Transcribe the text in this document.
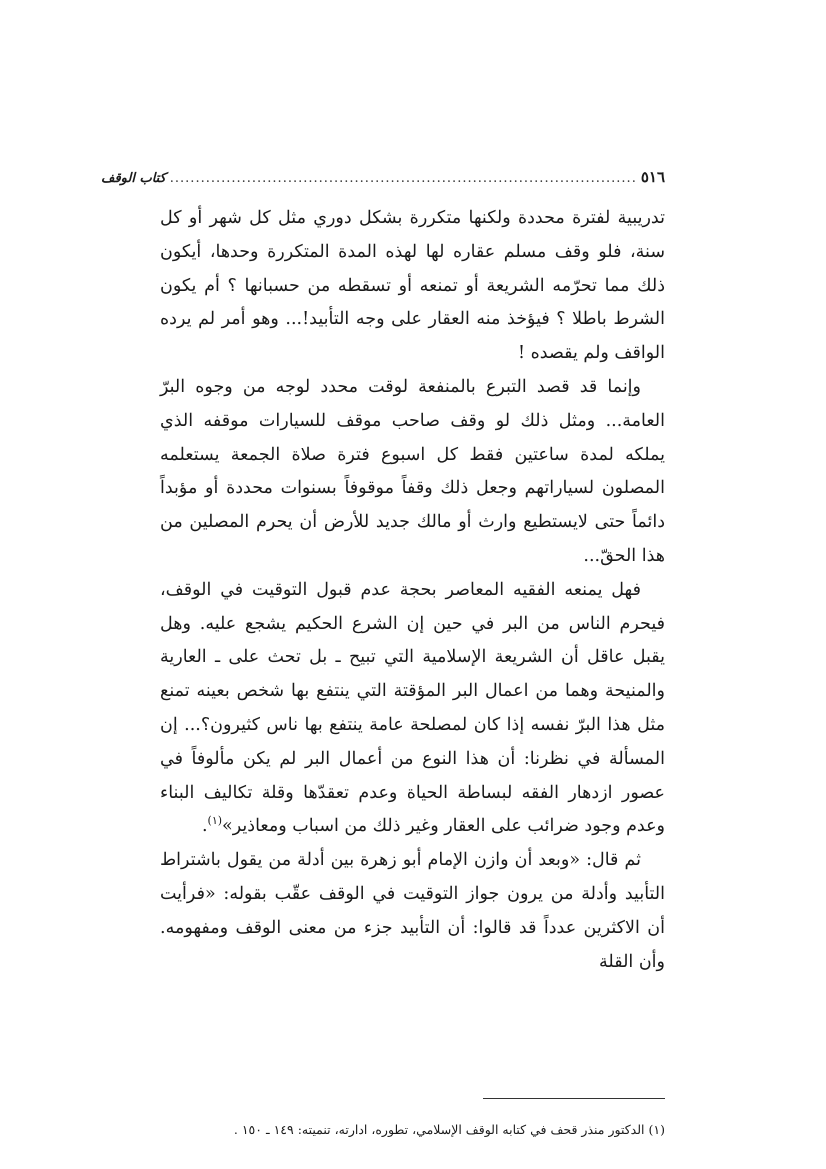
٥١٦
...........................................................................................
كتاب الوقف

تدريبية لفترة محددة ولكنها متكررة بشكل دوري مثل كل شهر أو كل سنة، فلو وقف مسلم عقاره لها لهذه المدة المتكررة وحدها، أيكون ذلك مما تحرّمه الشريعة أو تمنعه أو تسقطه من حسبانها ؟ أم يكون الشرط باطلا ؟ فيؤخذ منه العقار على وجه التأبيد!... وهو أمر لم يرده الواقف ولم يقصده !

وإنما قد قصد التبرع بالمنفعة لوقت محدد لوجه من وجوه البرّ العامة... ومثل ذلك لو وقف صاحب موقف للسيارات موقفه الذي يملكه لمدة ساعتين فقط كل اسبوع فترة صلاة الجمعة يستعلمه المصلون لسياراتهم وجعل ذلك وقفاً موقوفاً بسنوات محددة أو مؤبداً دائماً حتى لايستطيع وارث أو مالك جديد للأرض أن يحرم المصلين من هذا الحقّ...

فهل يمنعه الفقيه المعاصر بحجة عدم قبول التوقيت في الوقف، فيحرم الناس من البر في حين إن الشرع الحكيم يشجع عليه. وهل يقبل عاقل أن الشريعة الإسلامية التي تبيح ـ بل تحث على ـ العارية والمنيحة وهما من اعمال البر المؤقتة التي ينتفع بها شخص بعينه تمنع مثل هذا البرّ نفسه إذا كان لمصلحة عامة ينتفع بها ناس كثيرون؟... إن المسألة في نظرنا: أن هذا النوع من أعمال البر لم يكن مألوفاً في عصور ازدهار الفقه لبساطة الحياة وعدم تعقدّها وقلة تكاليف البناء وعدم وجود ضرائب على العقار وغير ذلك من اسباب ومعاذير»$^{(١)}$.

ثم قال: «وبعد أن وازن الإمام أبو زهرة بين أدلة من يقول باشتراط التأبيد وأدلة من يرون جواز التوقيت في الوقف عقّب بقوله: «فرأيت أن الاكثرين عدداً قد قالوا: أن التأبيد جزء من معنى الوقف ومفهومه. وأن القلة

(١) الدكتور منذر قحف في كتابه الوقف الإسلامي، تطوره، ادارته، تنميته: ١٤٩ ـ ١٥٠ .
